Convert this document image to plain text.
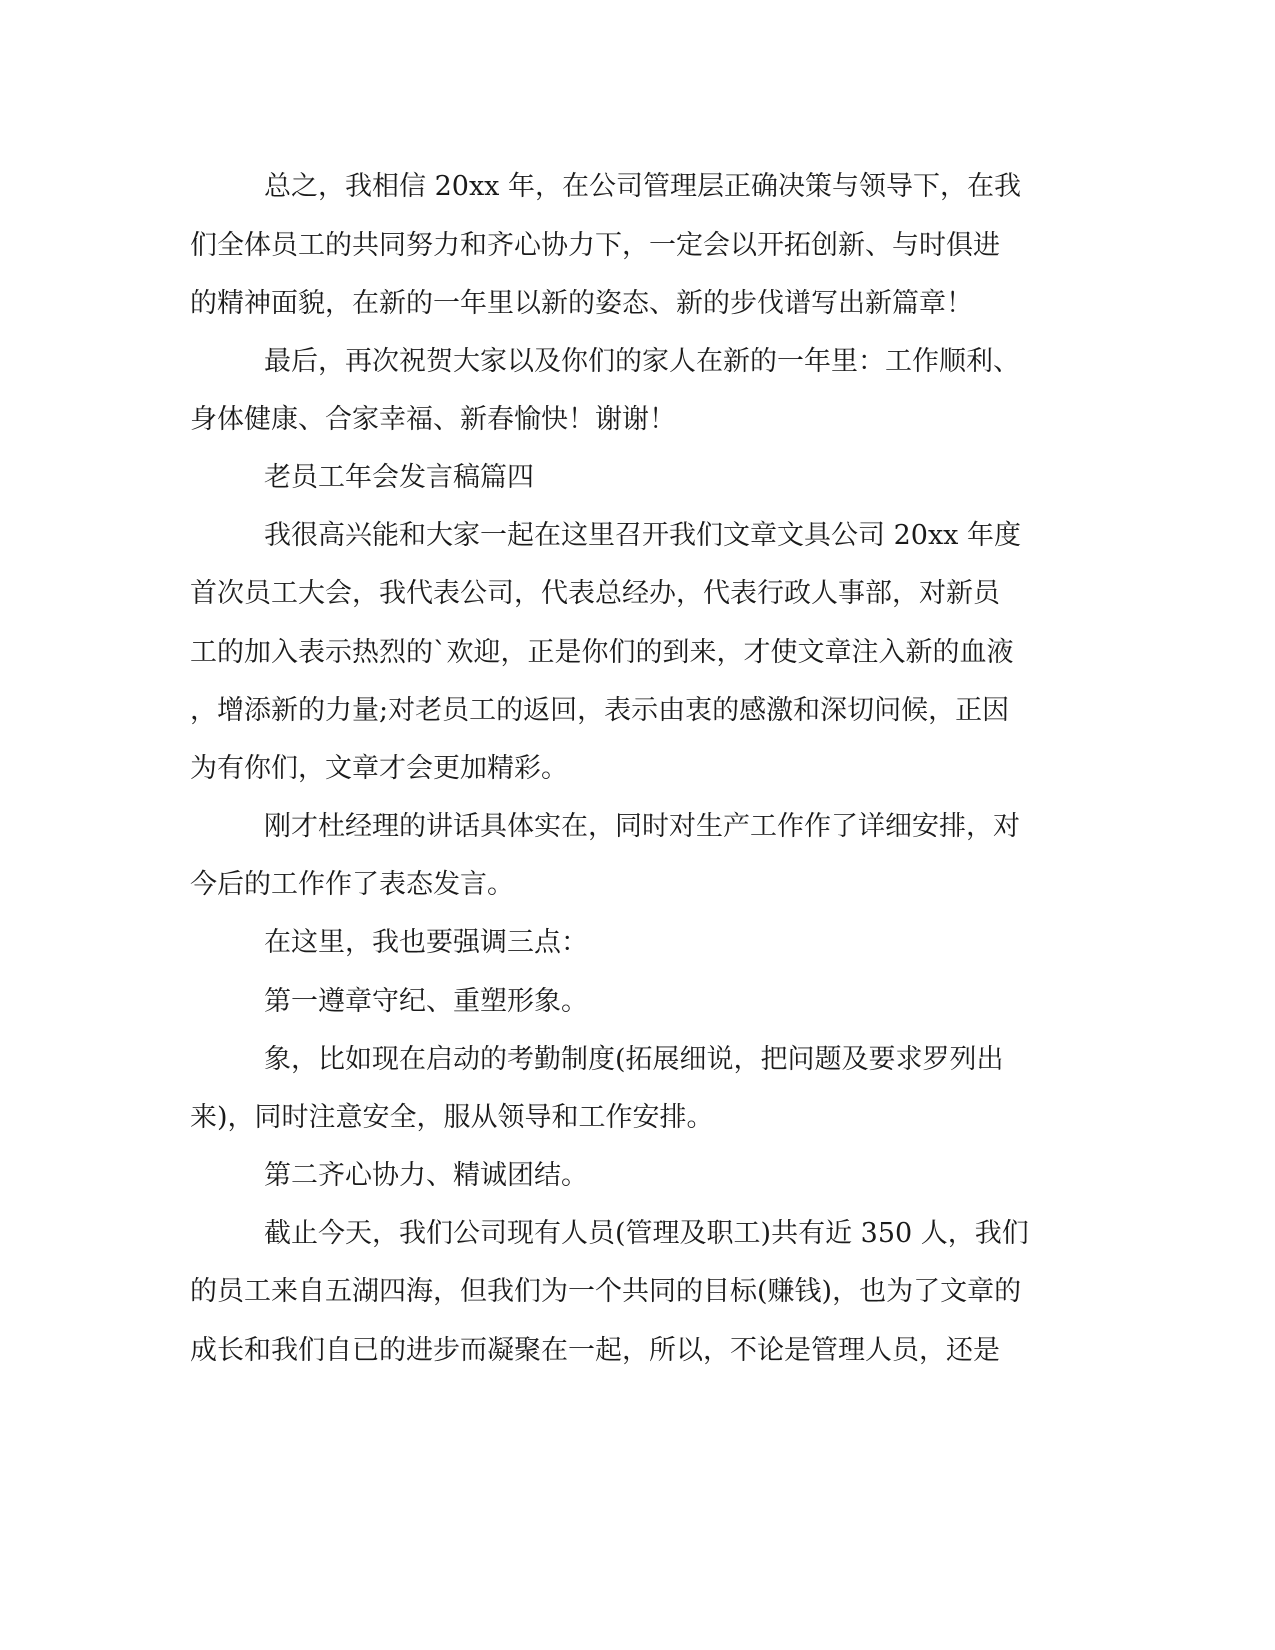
总之，我相信 20xx 年，在公司管理层正确决策与领导下，在我
们全体员工的共同努力和齐心协力下，一定会以开拓创新、与时俱进
的精神面貌，在新的一年里以新的姿态、新的步伐谱写出新篇章！
最后，再次祝贺大家以及你们的家人在新的一年里：工作顺利、
身体健康、合家幸福、新春愉快！谢谢！
老员工年会发言稿篇四
我很高兴能和大家一起在这里召开我们文章文具公司 20xx 年度
首次员工大会，我代表公司，代表总经办，代表行政人事部，对新员
工的加入表示热烈的`欢迎，正是你们的到来，才使文章注入新的血液
，增添新的力量;对老员工的返回，表示由衷的感激和深切问候，正因
为有你们，文章才会更加精彩。
刚才杜经理的讲话具体实在，同时对生产工作作了详细安排，对
今后的工作作了表态发言。
在这里，我也要强调三点：
第一遵章守纪、重塑形象。
象，比如现在启动的考勤制度(拓展细说，把问题及要求罗列出
来)，同时注意安全，服从领导和工作安排。
第二齐心协力、精诚团结。
截止今天，我们公司现有人员(管理及职工)共有近 350 人，我们
的员工来自五湖四海，但我们为一个共同的目标(赚钱)，也为了文章的
成长和我们自已的进步而凝聚在一起，所以，不论是管理人员，还是
